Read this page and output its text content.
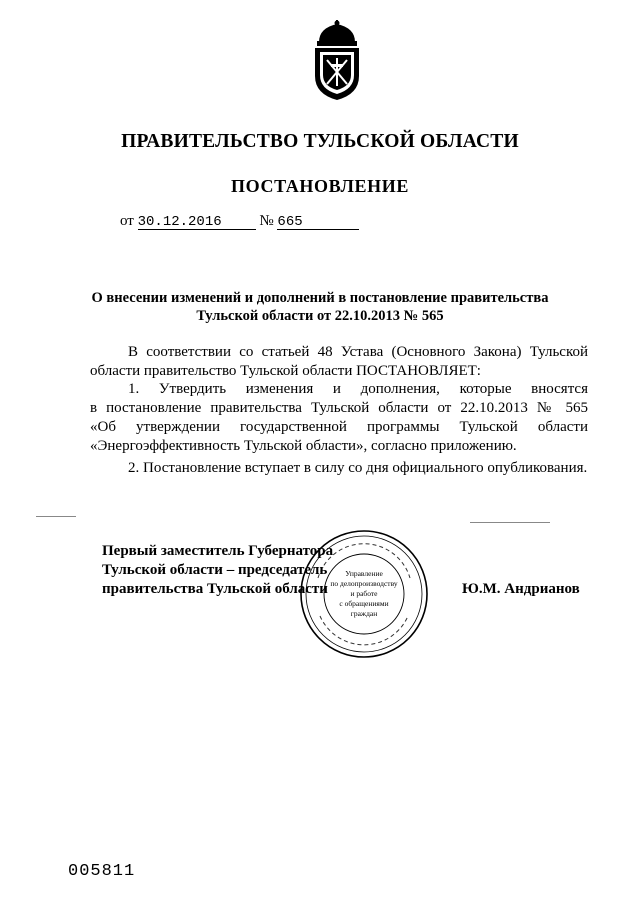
ПРАВИТЕЛЬСТВО ТУЛЬСКОЙ ОБЛАСТИ
ПОСТАНОВЛЕНИЕ
от 30.12.2016	№ 665
О внесении изменений и дополнений в постановление правительства
Тульской области от 22.10.2013 № 565

В соответствии со статьей 48 Устава (Основного Закона) Тульской области правительство Тульской области ПОСТАНОВЛЯЕТ:

1. Утвердить изменения и дополнения, которые вносятся

в постановление правительства Тульской области от 22.10.2013 № 565

«Об утверждении государственной программы Тульской области

«Энергоэффективность Тульской области», согласно приложению.

2. Постановление вступает в силу со дня официального опубликования.

Первый заместитель Губернатора
Тульской области – председатель
правительства Тульской области
Управление
по делопроизводству
и работе
с обращениями
граждан
Ю.М. Андрианов
005811
